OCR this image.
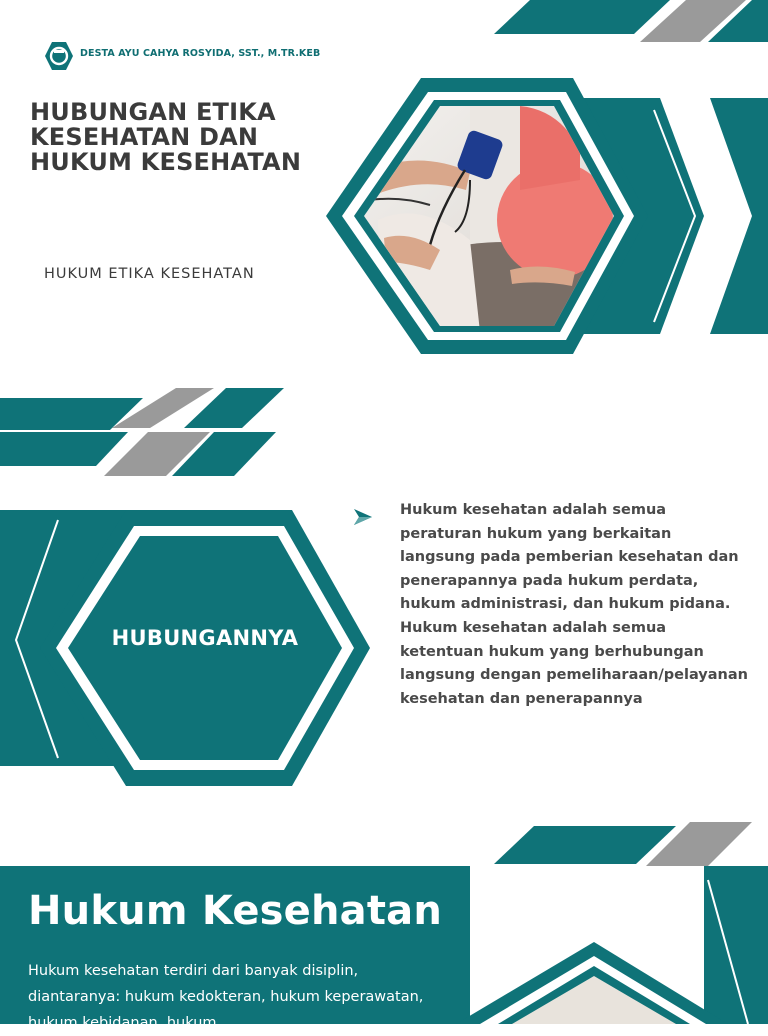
DESTA AYU CAHYA ROSYIDA, SST., M.TR.KEB
HUBUNGAN ETIKA KESEHATAN DAN HUKUM KESEHATAN
HUKUM ETIKA KESEHATAN
HUBUNGANNYA

Hukum kesehatan adalah semua peraturan hukum yang berkaitan langsung pada pemberian kesehatan dan penerapannya pada hukum perdata, hukum administrasi, dan hukum pidana. Hukum kesehatan adalah semua ketentuan hukum yang berhubungan langsung dengan pemeliharaan/pelayanan kesehatan dan penerapannya

Hukum Kesehatan

Hukum kesehatan terdiri dari banyak disiplin, diantaranya: hukum kedokteran, hukum keperawatan, hukum kebidanan, hukum
